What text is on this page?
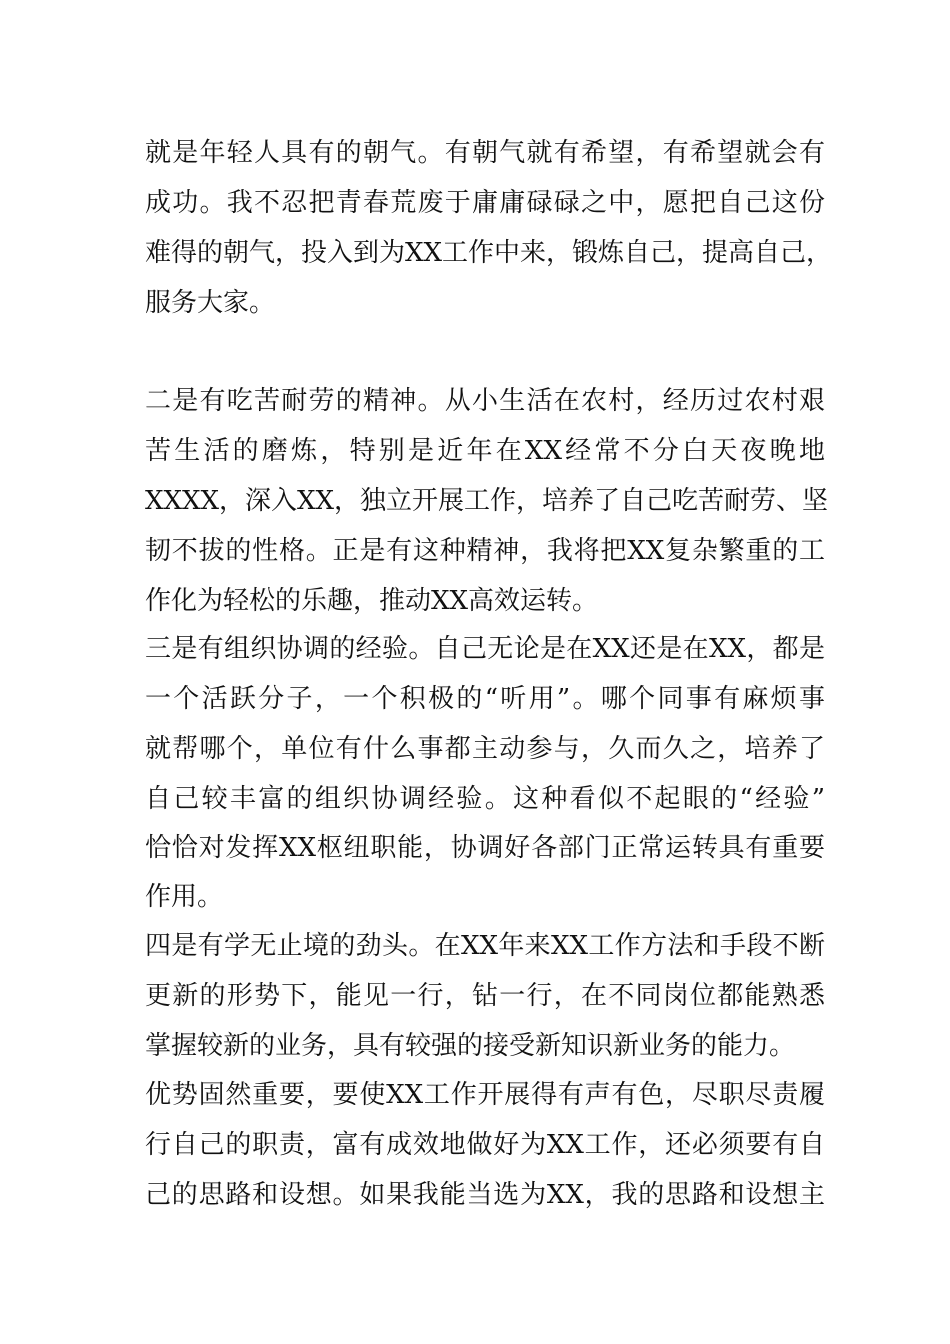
就是年轻人具有的朝气。有朝气就有希望，有希望就会有
成功。我不忍把青春荒废于庸庸碌碌之中，愿把自己这份
难得的朝气，投入到为XX工作中来，锻炼自己，提高自己，
服务大家。
二是有吃苦耐劳的精神。从小生活在农村，经历过农村艰
苦生活的磨炼，特别是近年在XX经常不分白天夜晚地
XXXX，深入XX，独立开展工作，培养了自己吃苦耐劳、坚
韧不拔的性格。正是有这种精神，我将把XX复杂繁重的工
作化为轻松的乐趣，推动XX高效运转。
三是有组织协调的经验。自己无论是在XX还是在XX，都是
一个活跃分子，一个积极的“听用”。哪个同事有麻烦事
就帮哪个，单位有什么事都主动参与，久而久之，培养了
自己较丰富的组织协调经验。这种看似不起眼的“经验”
恰恰对发挥XX枢纽职能，协调好各部门正常运转具有重要
作用。
四是有学无止境的劲头。在XX年来XX工作方法和手段不断
更新的形势下，能见一行，钻一行，在不同岗位都能熟悉
掌握较新的业务，具有较强的接受新知识新业务的能力。
优势固然重要，要使XX工作开展得有声有色，尽职尽责履
行自己的职责，富有成效地做好为XX工作，还必须要有自
己的思路和设想。如果我能当选为XX，我的思路和设想主
